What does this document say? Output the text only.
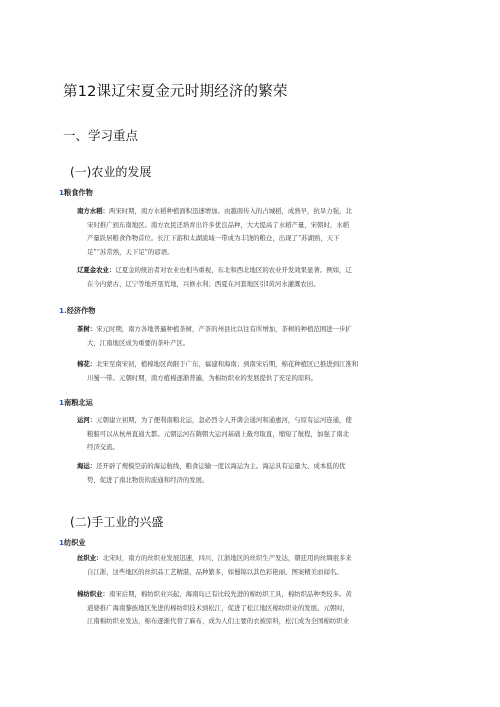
第12课辽宋夏金元时期经济的繁荣
一、学习重点
(一)农业的发展
1粮食作物
南方水稻：两宋时期，南方水稻种植面积迅速增加。由越南传入的占城稻，成熟早，抗旱力强，北
宋时推广到东南地区。南方农民还培育出许多优良品种，大大提高了水稻产量，宋朝时，水稻
产量跃居粮食作物首位。长江下游和太湖流域一带成为丰饶的粮仓，出现了“苏湖熟，天下
足”“苏常熟，天下足”的谚语。
辽夏金农业：辽夏金的统治者对农业也相当重视，东北和西北地区的农业开发效果显著。例如，辽
在今内蒙古、辽宁等地开垦荒地，兴修水利；西夏在河套地区引Ⅰ黄河水灌溉农田。
1.经济作物
茶树：宋元时期，南方各地普遍种植茶树，产茶的州县比以往有所增加，茶树的种植范围进一步扩
大，江南地区成为重要的茶叶产区。
棉花：北宋至南宋初，植棉地区尚限于广东、福建和海南；到南宋后期，棉花种植区已推进到江淮和
川蜀一带。元朝时期，南方植棉逐渐普遍，为棉纺织业的发展提供了充足的原料。
1南粮北运
运河：元朝建立初期，为了便利南粮北运，忽必烈令人开凿会通河和通惠河，与原有运河连通，使
粮船可以从杭州直通大都。元朝运河在隋朝大运河基础上截弯取直，缩短了航程，加强了南北
经济交流。
海运：还开辟了规模空前的海运航线，粮食运输一度以海运为主。海运具有运量大、成本低的优
势，促进了南北物资的流通和经济的发展。
(二)手工业的兴盛
1纺织业
丝织业：北宋时，南方的丝织业发展迅速，四川、江浙地区的丝织生产发达，朝廷用的丝绸很多来
自江浙，这些地区的丝织品工艺精湛，品种繁多，如蜀锦以其色彩艳丽、图案精美而闻名。
棉纺织业：南宋后期，棉纺织业兴起，海南岛已有比较先进的棉纺织工具，棉纺织品种类较多。黄
道婆推广海南黎族地区先进的棉纺织技术到松江，促进了松江地区棉纺织业的发展。元朝时，
江南棉纺织业发达，棉布逐渐代替了麻布，成为人们主要的衣被原料，松江成为全国棉纺织业
